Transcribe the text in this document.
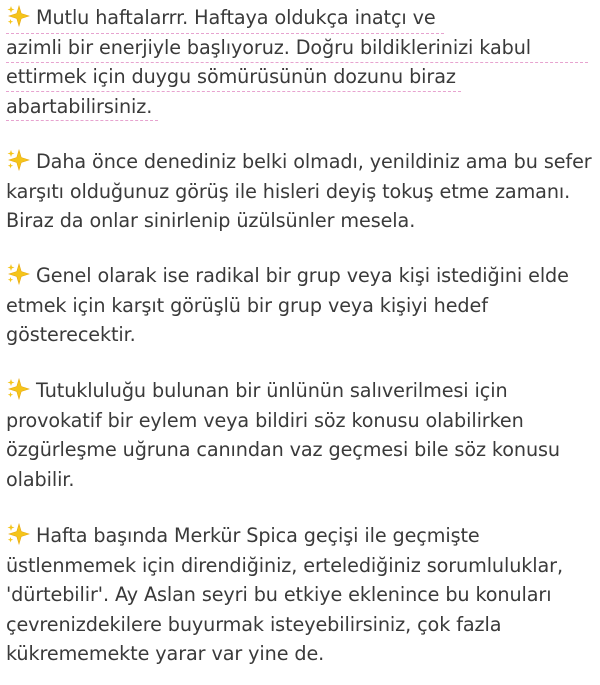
Mutlu haftalarrr. Haftaya oldukça inatçı ve
azimli bir enerjiyle başlıyoruz. Doğru bildiklerinizi kabul
ettirmek için duygu sömürüsünün dozunu biraz
abartabilirsiniz.

Daha önce denediniz belki olmadı, yenildiniz ama bu sefer
karşıtı olduğunuz görüş ile hisleri deyiş tokuş etme zamanı.
Biraz da onlar sinirlenip üzülsünler mesela.

Genel olarak ise radikal bir grup veya kişi istediğini elde
etmek için karşıt görüşlü bir grup veya kişiyi hedef
gösterecektir.

Tutukluluğu bulunan bir ünlünün salıverilmesi için
provokatif bir eylem veya bildiri söz konusu olabilirken
özgürleşme uğruna canından vaz geçmesi bile söz konusu
olabilir.

Hafta başında Merkür Spica geçişi ile geçmişte
üstlenmemek için direndiğiniz, ertelediğiniz sorumluluklar,
'dürtebilir'. Ay Aslan seyri bu etkiye eklenince bu konuları
çevrenizdekilere buyurmak isteyebilirsiniz, çok fazla
kükrememekte yarar var yine de.
